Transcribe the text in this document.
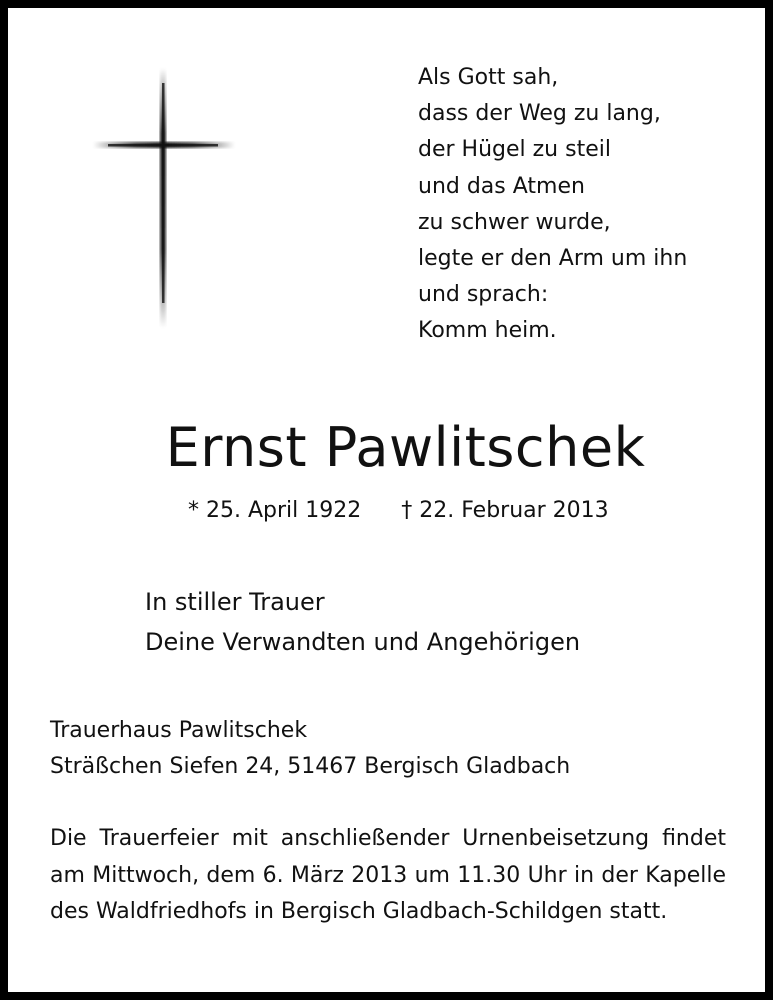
Als Gott sah,
dass der Weg zu lang,
der Hügel zu steil
und das Atmen
zu schwer wurde,
legte er den Arm um ihn
und sprach:
Komm heim.
Ernst Pawlitschek
* 25. April 1922 † 22. Februar 2013
In stiller Trauer
Deine Verwandten und Angehörigen
Trauerhaus Pawlitschek
Sträßchen Siefen 24, 51467 Bergisch Gladbach
Die Trauerfeier mit anschließender Urnenbeisetzung findet am Mittwoch, dem 6. März 2013 um 11.30 Uhr in der Kapelle des Waldfriedhofs in Bergisch Gladbach-Schildgen statt.
